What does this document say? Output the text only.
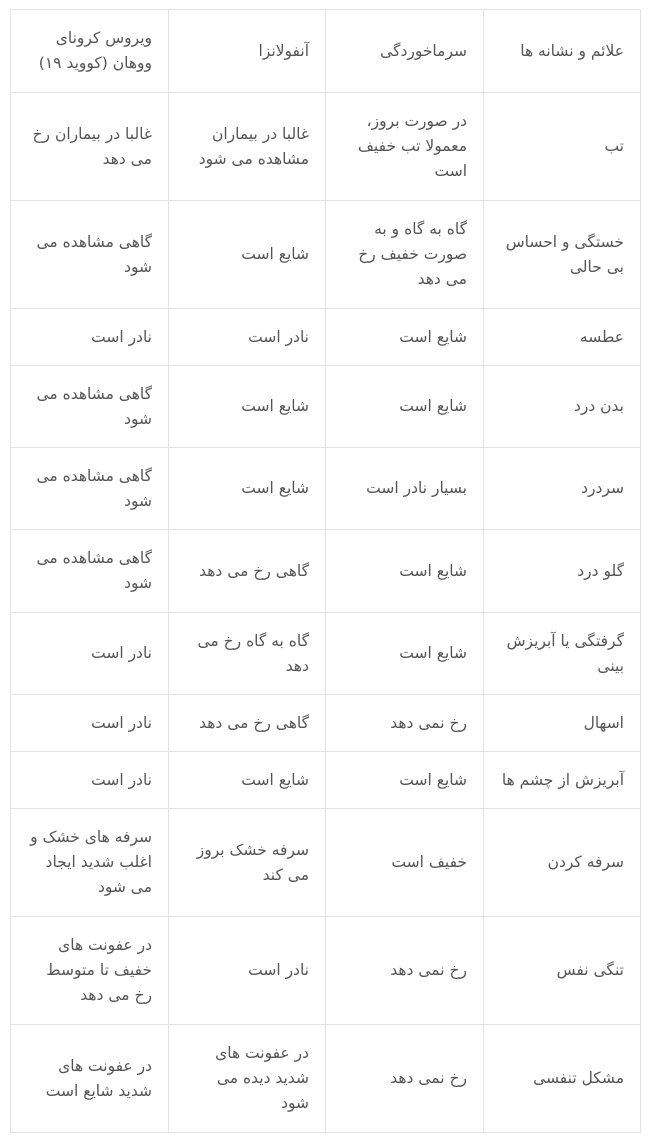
علائم و نشانه ها	سرماخوردگی	آنفولانزا	ویروس کرونای ووهان (کووید ۱۹)
تب	در صورت بروز، معمولا تب خفیف است	غالبا در بیماران مشاهده می شود	غالبا در بیماران رخ می دهد
خستگی و احساس بی حالی	گاه به گاه و به صورت خفیف رخ می دهد	شایع است	گاهی مشاهده می شود
عطسه	شایع است	نادر است	نادر است
بدن درد	شایع است	شایع است	گاهی مشاهده می شود
سردرد	بسیار نادر است	شایع است	گاهی مشاهده می شود
گلو درد	شایع است	گاهی رخ می دهد	گاهی مشاهده می شود
گرفتگی یا آبریزش بینی	شایع است	گاه به گاه رخ می دهد	نادر است
اسهال	رخ نمی دهد	گاهی رخ می دهد	نادر است
آبریزش از چشم ها	شایع است	شایع است	نادر است
سرفه کردن	خفیف است	سرفه خشک بروز می کند	سرفه های خشک و اغلب شدید ایجاد می شود
تنگی نفس	رخ نمی دهد	نادر است	در عفونت های خفیف تا متوسط رخ می دهد
مشکل تنفسی	رخ نمی دهد	در عفونت های شدید دیده می شود	در عفونت های شدید شایع است
